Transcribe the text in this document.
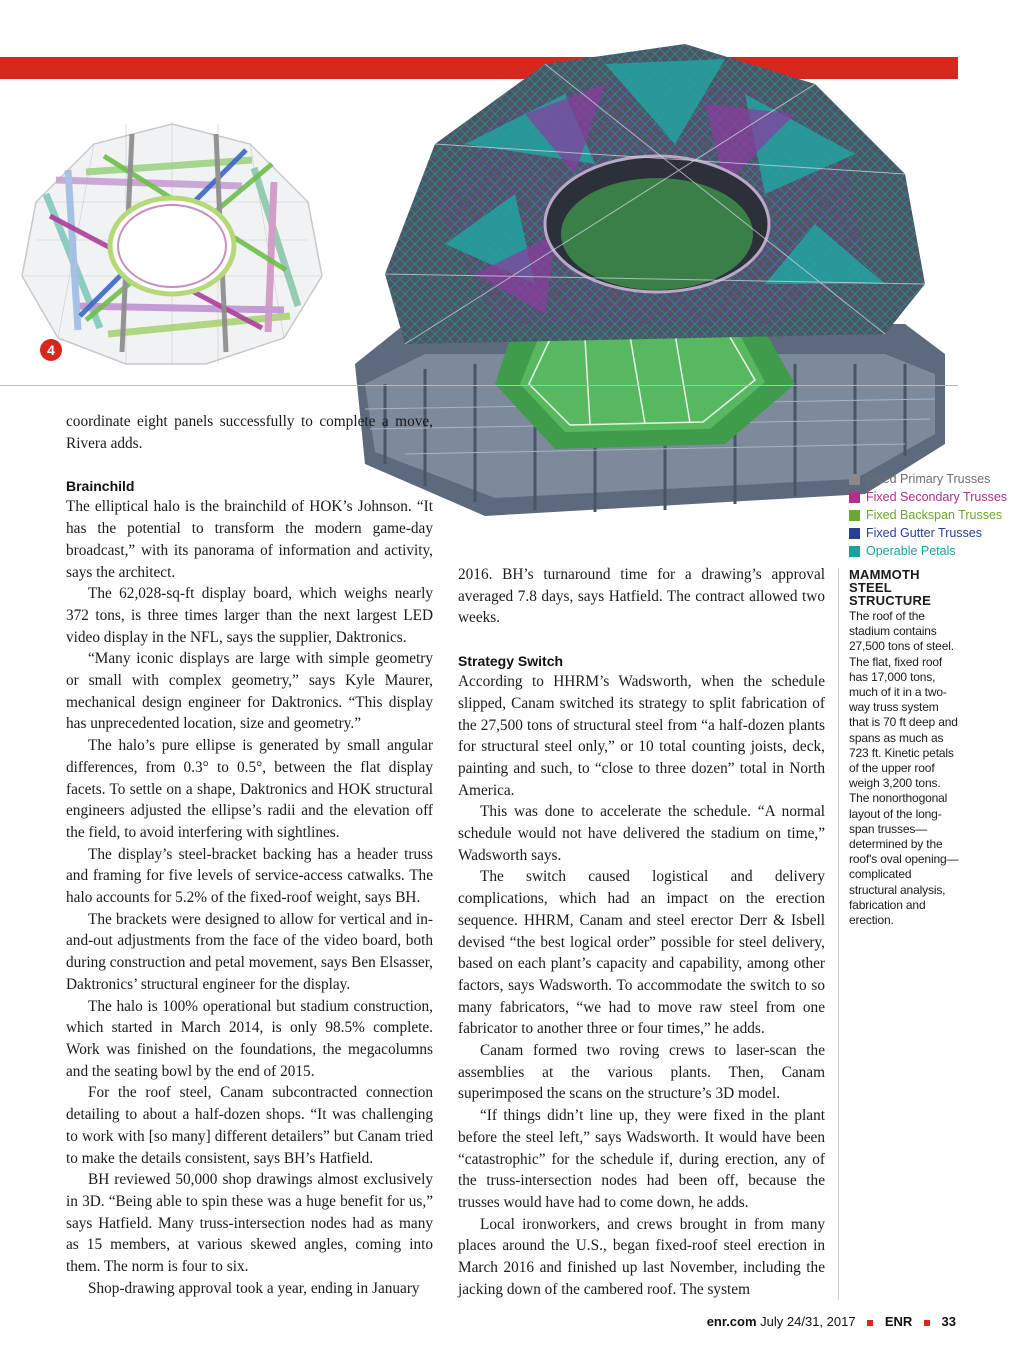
4
Fixed Primary Trusses
Fixed Secondary Trusses
Fixed Backspan Trusses
Fixed Gutter Trusses
Operable Petals
MAMMOTH STEEL STRUCTURE
The roof of the stadium contains 27,500 tons of steel. The flat, fixed roof has 17,000 tons, much of it in a two-way truss system that is 70 ft deep and spans as much as 723 ft. Kinetic petals of the upper roof weigh 3,200 tons. The nonorthogonal layout of the long-span trusses—determined by the roof's oval opening—complicated structural analysis, fabrication and erection.

coordinate eight panels successfully to complete a move, Rivera adds.

Brainchild

The elliptical halo is the brainchild of HOK’s Johnson. “It has the potential to transform the modern game-day broadcast,” with its panorama of information and activity, says the architect.

The 62,028-sq-ft display board, which weighs nearly 372 tons, is three times larger than the next largest LED video display in the NFL, says the supplier, Daktronics.

“Many iconic displays are large with simple geometry or small with complex geometry,” says Kyle Maurer, mechanical design engineer for Daktronics. “This display has unprecedented location, size and geometry.”

The halo’s pure ellipse is generated by small angular differences, from 0.3° to 0.5°, between the flat display facets. To settle on a shape, Daktronics and HOK structural engineers adjusted the ellipse’s radii and the elevation off the field, to avoid interfering with sightlines.

The display’s steel-bracket backing has a header truss and framing for five levels of service-access catwalks. The halo accounts for 5.2% of the fixed-roof weight, says BH.

The brackets were designed to allow for vertical and in-and-out adjustments from the face of the video board, both during construction and petal movement, says Ben Elsasser, Daktronics’ structural engineer for the display.

The halo is 100% operational but stadium construction, which started in March 2014, is only 98.5% complete. Work was finished on the foundations, the megacolumns and the seating bowl by the end of 2015.

For the roof steel, Canam subcontracted connection detailing to about a half-dozen shops. “It was challenging to work with [so many] different detailers” but Canam tried to make the details consistent, says BH’s Hatfield.

BH reviewed 50,000 shop drawings almost exclusively in 3D. “Being able to spin these was a huge benefit for us,” says Hatfield. Many truss-intersection nodes had as many as 15 members, at various skewed angles, coming into them. The norm is four to six.

Shop-drawing approval took a year, ending in January

2016. BH’s turnaround time for a drawing’s approval averaged 7.8 days, says Hatfield. The contract allowed two weeks.

Strategy Switch

According to HHRM’s Wadsworth, when the schedule slipped, Canam switched its strategy to split fabrication of the 27,500 tons of structural steel from “a half-dozen plants for structural steel only,” or 10 total counting joists, deck, painting and such, to “close to three dozen” total in North America.

This was done to accelerate the schedule. “A normal schedule would not have delivered the stadium on time,” Wadsworth says.

The switch caused logistical and delivery complications, which had an impact on the erection sequence. HHRM, Canam and steel erector Derr & Isbell devised “the best logical order” possible for steel delivery, based on each plant’s capacity and capability, among other factors, says Wadsworth. To accommodate the switch to so many fabricators, “we had to move raw steel from one fabricator to another three or four times,” he adds.

Canam formed two roving crews to laser-scan the assemblies at the various plants. Then, Canam superimposed the scans on the structure’s 3D model.

“If things didn’t line up, they were fixed in the plant before the steel left,” says Wadsworth. It would have been “catastrophic” for the schedule if, during erection, any of the truss-intersection nodes had been off, because the trusses would have had to come down, he adds.

Local ironworkers, and crews brought in from many places around the U.S., began fixed-roof steel erection in March 2016 and finished up last November, including the jacking down of the cambered roof. The system

enr.com July 24/31, 2017 ENR 33
